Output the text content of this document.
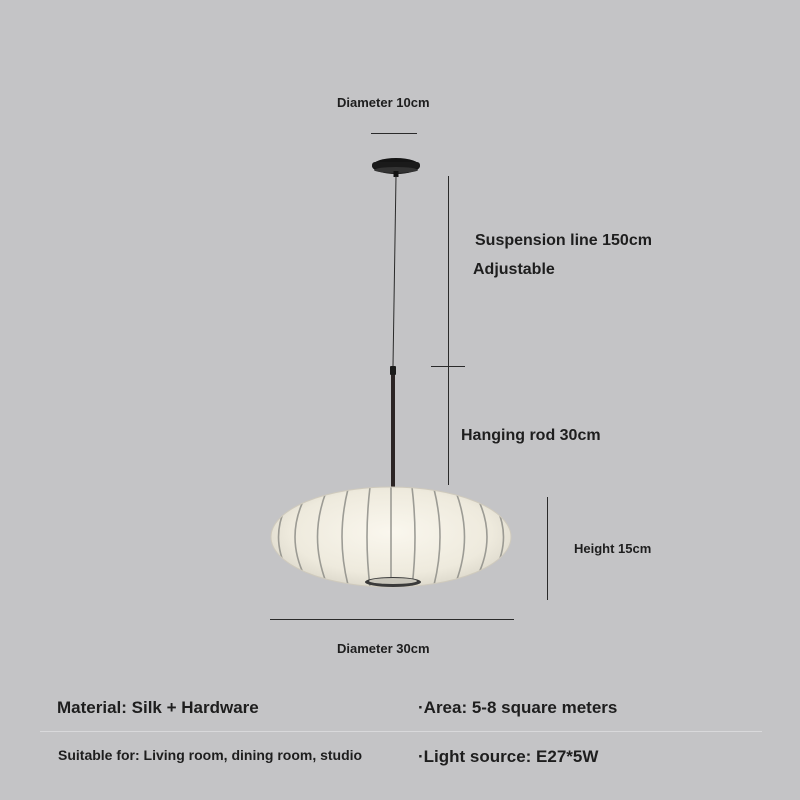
Diameter 10cm
Suspension line 150cm
Adjustable
Hanging rod 30cm
Height 15cm
Diameter 30cm
Material: Silk + Hardware	·Area: 5-8 square meters
Suitable for: Living room, dining room, studio	·Light source: E27*5W
